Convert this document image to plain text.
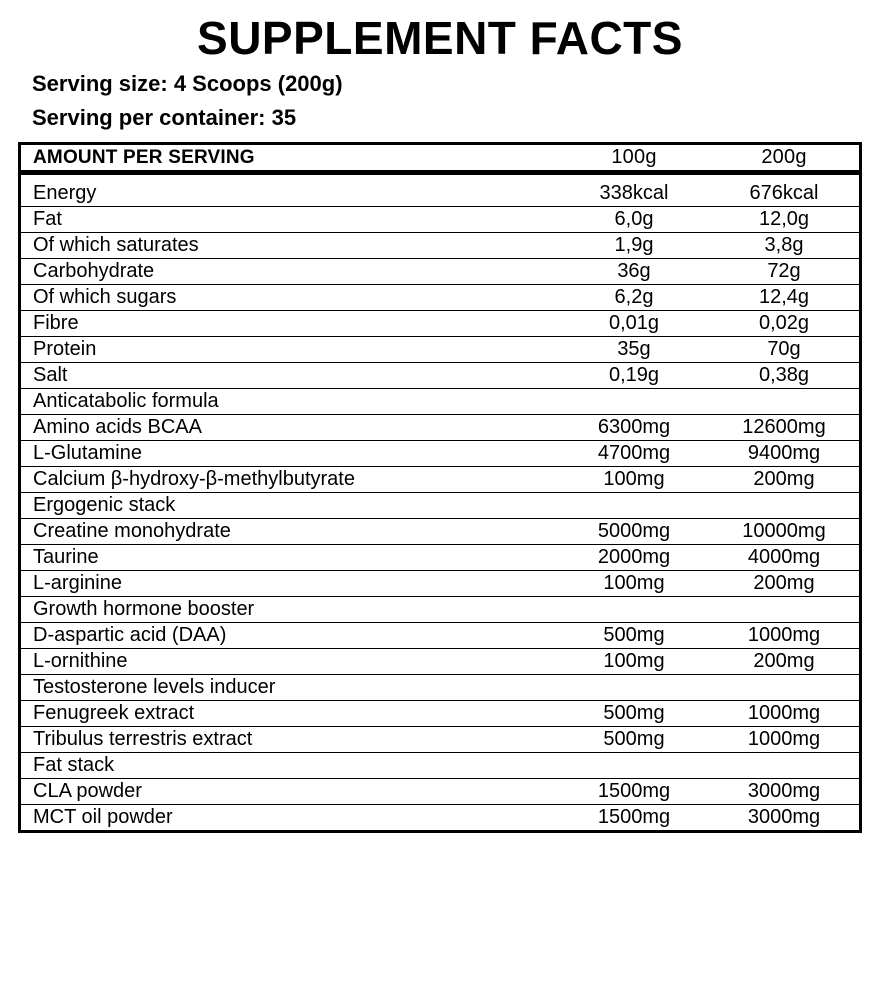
SUPPLEMENT FACTS
Serving size: 4 Scoops (200g)
Serving per container: 35
AMOUNT PER SERVING	100g	200g

Energy	338kcal	676kcal
Fat	6,0g	12,0g
Of which saturates	1,9g	3,8g
Carbohydrate	36g	72g
Of which sugars	6,2g	12,4g
Fibre	0,01g	0,02g
Protein	35g	70g
Salt	0,19g	0,38g
Anticatabolic formula		
Amino acids BCAA	6300mg	12600mg
L-Glutamine	4700mg	9400mg
Calcium β-hydroxy-β-methylbutyrate	100mg	200mg
Ergogenic stack		
Creatine monohydrate	5000mg	10000mg
Taurine	2000mg	4000mg
L-arginine	100mg	200mg
Growth hormone booster		
D-aspartic acid (DAA)	500mg	1000mg
L-ornithine	100mg	200mg
Testosterone levels inducer		
Fenugreek extract	500mg	1000mg
Tribulus terrestris extract	500mg	1000mg
Fat stack		
CLA powder	1500mg	3000mg
MCT oil powder	1500mg	3000mg
